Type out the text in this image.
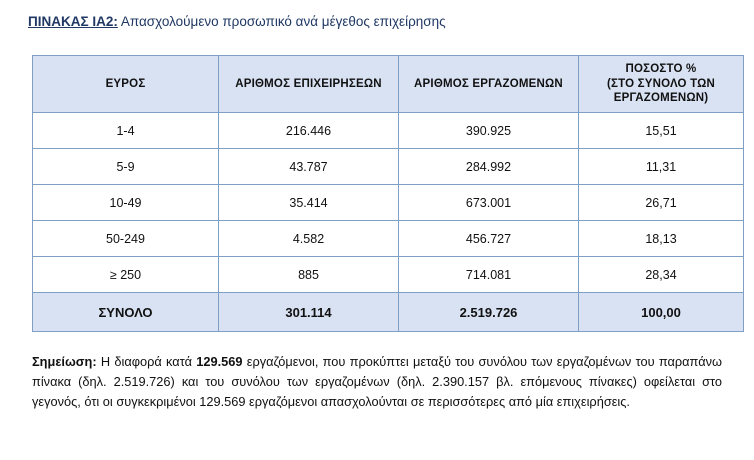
ΠΙΝΑΚΑΣ ΙΑ2: Απασχολούμενο προσωπικό ανά μέγεθος επιχείρησης

ΕΥΡΟΣ	ΑΡΙΘΜΟΣ ΕΠΙΧΕΙΡΗΣΕΩΝ	ΑΡΙΘΜΟΣ ΕΡΓΑΖΟΜΕΝΩΝ	ΠΟΣΟΣΤΟ %
(ΣΤΟ ΣΥΝΟΛΟ ΤΩΝ
ΕΡΓΑΖΟΜΕΝΩΝ)

1-4	216.446	390.925	15,51
5-9	43.787	284.992	11,31
10-49	35.414	673.001	26,71
50-249	4.582	456.727	18,13
≥ 250	885	714.081	28,34
ΣΥΝΟΛΟ	301.114	2.519.726	100,00

Σημείωση: Η διαφορά κατά 129.569 εργαζόμενοι, που προκύπτει μεταξύ του συνόλου των εργαζομένων του παραπάνω πίνακα (δηλ. 2.519.726) και του συνόλου των εργαζομένων (δηλ. 2.390.157 βλ. επόμενους πίνακες) οφείλεται στο γεγονός, ότι οι συγκεκριμένοι 129.569 εργαζόμενοι απασχολούνται σε περισσότερες από μία επιχειρήσεις.
